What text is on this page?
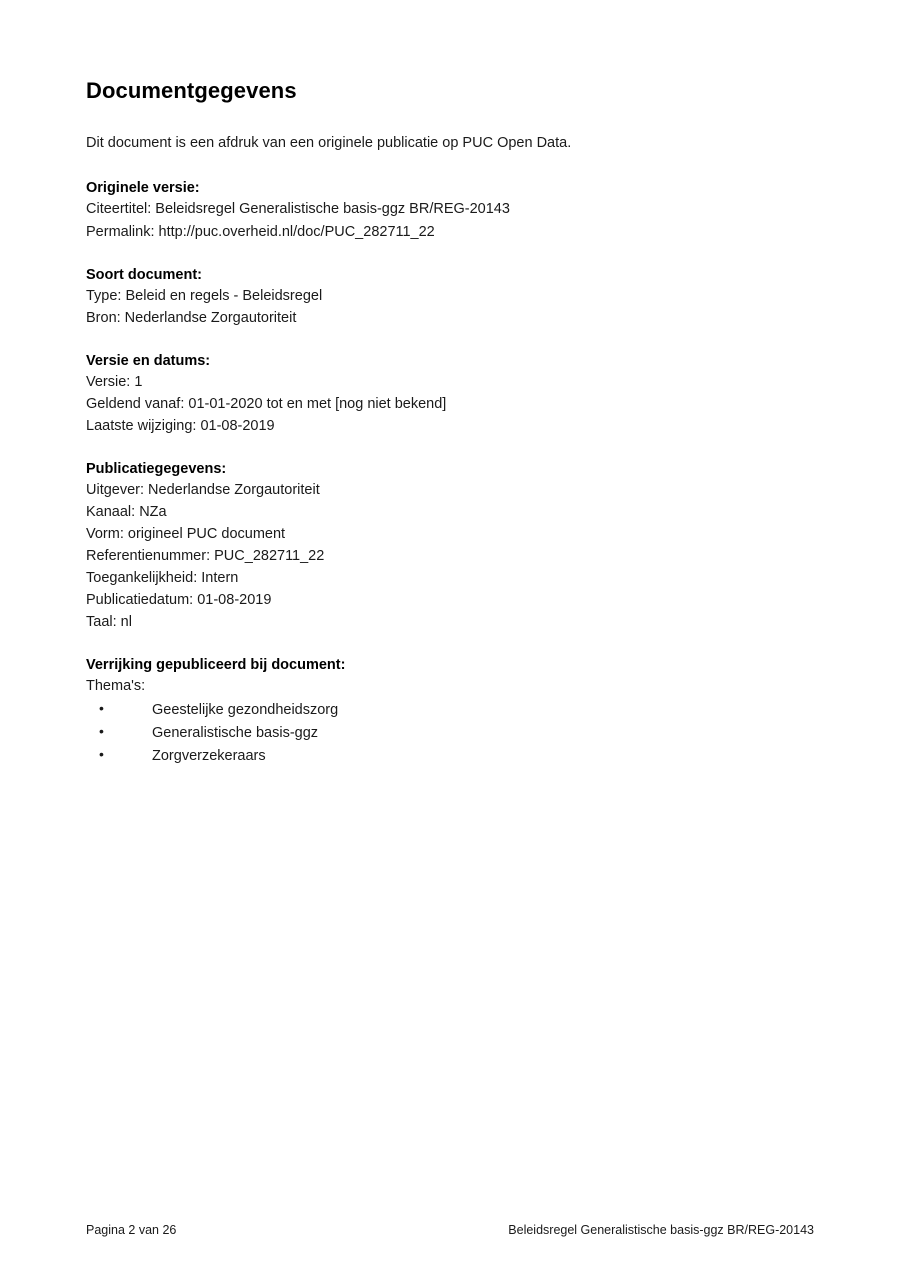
Documentgegevens

Dit document is een afdruk van een originele publicatie op PUC Open Data.

Originele versie:

Citeertitel: Beleidsregel Generalistische basis-ggz BR/REG-20143

Permalink: http://puc.overheid.nl/doc/PUC_282711_22

Soort document:

Type: Beleid en regels - Beleidsregel

Bron: Nederlandse Zorgautoriteit

Versie en datums:

Versie: 1

Geldend vanaf: 01-01-2020 tot en met [nog niet bekend]

Laatste wijziging: 01-08-2019

Publicatiegegevens:

Uitgever: Nederlandse Zorgautoriteit

Kanaal: NZa

Vorm: origineel PUC document

Referentienummer: PUC_282711_22

Toegankelijkheid: Intern

Publicatiedatum: 01-08-2019

Taal: nl

Verrijking gepubliceerd bij document:

Thema's:

•	Geestelijke gezondheidszorg
•	Generalistische basis-ggz
•	Zorgverzekeraars
Pagina 2 van 26	Beleidsregel Generalistische basis-ggz BR/REG-20143
